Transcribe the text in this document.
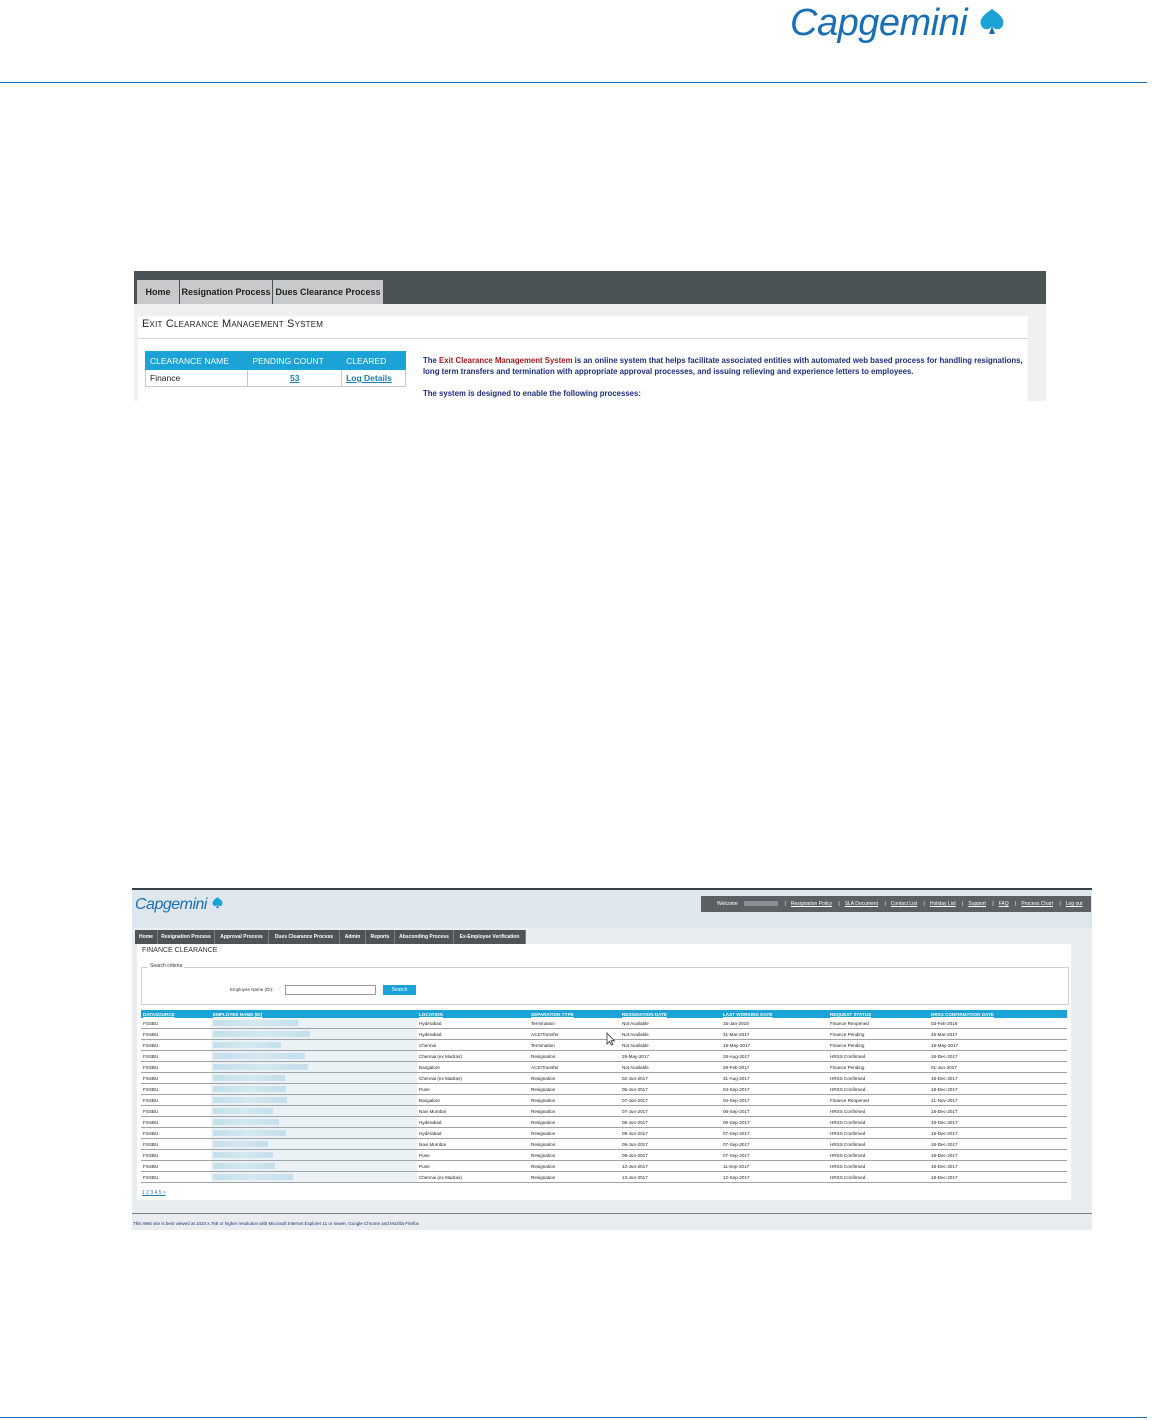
Capgemini
Home	Resignation Process Dues Clearance Process
Exit Clearance Management System
CLEARANCE NAME	PENDING COUNT	CLEARED
Finance	53	Log Details
The Exit Clearance Management System is an online system that helps facilitate associated entities with automated web based process for handling resignations, long term transfers and termination with appropriate approval processes, and issuing relieving and experience letters to employees.
The system is designed to enable the following processes:
Capgemini	Welcome	| Resignation Policy | SLA Document | Contact List | Holiday List | Support | FAQ | Process Chart | Log out
Home	Resignation Process	Approval Process	Dues Clearance Process	Admin	Reports	Absconding Process	Ex-Employee Verification
FINANCE CLEARANCE
Search criteria
Employee Name (ID):	Search
DATASOURCE	EMPLOYEE NAME (ID)	LOCATION	SEPARATION TYPE	RESIGNATION DATE	LAST WORKING DATE	REQUEST STATUS	HRSS CONFIRMATION DATE
FSSBU		Hyderabad	Termination	Not Available	15-Jan-2016	Finance Reopened	03-Feb-2016
FSSBU		Hyderabad	ACSITransfer	Not Available	31-Mar-2017	Finance Pending	16-Mar-2017
FSSBU		Chennai	Termination	Not Available	18-May-2017	Finance Pending	18-May-2017
FSSBU		Chennai (ex Madras)	Resignation	29-May-2017	28-Aug-2017	HRSS Confirmed	18-Dec-2017
FSSBU		Bangalore	ACSITransfer	Not Available	28-Feb-2017	Finance Pending	01-Jun-2017
FSSBU		Chennai (ex Madras)	Resignation	02-Jun-2017	31-Aug-2017	HRSS Confirmed	18-Dec-2017
FSSBU		Pune	Resignation	05-Jun-2017	04-Sep-2017	HRSS Confirmed	18-Dec-2017
FSSBU		Bangalore	Resignation	07-Jun-2017	04-Sep-2017	Finance Reopened	21-Nov-2017
FSSBU		Navi Mumbai	Resignation	07-Jun-2017	06-Sep-2017	HRSS Confirmed	18-Dec-2017
FSSBU		Hyderabad	Resignation	08-Jun-2017	06-Sep-2017	HRSS Confirmed	18-Dec-2017
FSSBU		Hyderabad	Resignation	09-Jun-2017	07-Sep-2017	HRSS Confirmed	18-Dec-2017
FSSBU		Navi Mumbai	Resignation	09-Jun-2017	07-Sep-2017	HRSS Confirmed	18-Dec-2017
FSSBU		Pune	Resignation	09-Jun-2017	07-Sep-2017	HRSS Confirmed	18-Dec-2017
FSSBU		Pune	Resignation	12-Jun-2017	11-Sep-2017	HRSS Confirmed	18-Dec-2017
FSSBU		Chennai (ex Madras)	Resignation	13-Jun-2017	12-Sep-2017	HRSS Confirmed	18-Dec-2017
1 2 3 4 5 >
This Web site is best viewed at 1024 x 768 or higher resolution with Microsoft Internet Explorer 11 or newer, Google Chrome and Mozilla Firefox
